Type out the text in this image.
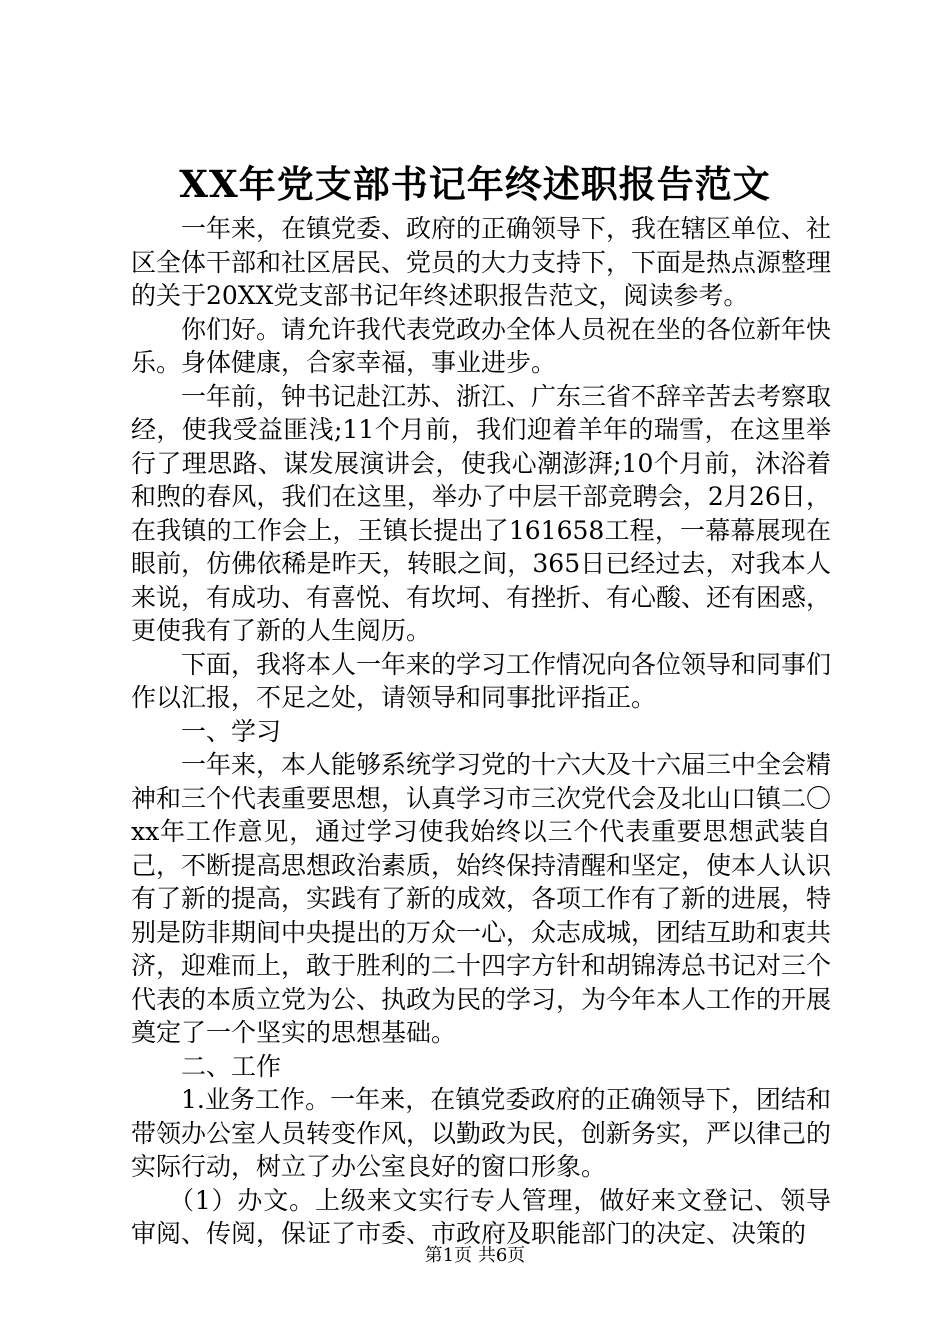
XX年党支部书记年终述职报告范文

一年来，在镇党委、政府的正确领导下，我在辖区单位、社区全体干部和社区居民、党员的大力支持下，下面是热点源整理的关于20XX党支部书记年终述职报告范文，阅读参考。

你们好。请允许我代表党政办全体人员祝在坐的各位新年快乐。身体健康，合家幸福，事业进步。

一年前，钟书记赴江苏、浙江、广东三省不辞辛苦去考察取经，使我受益匪浅;11个月前，我们迎着羊年的瑞雪，在这里举行了理思路、谋发展演讲会，使我心潮澎湃;10个月前，沐浴着和煦的春风，我们在这里，举办了中层干部竞聘会，2月26日，在我镇的工作会上，王镇长提出了161658工程，一幕幕展现在眼前，仿佛依稀是昨天，转眼之间，365日已经过去，对我本人来说，有成功、有喜悦、有坎坷、有挫折、有心酸、还有困惑，更使我有了新的人生阅历。

下面，我将本人一年来的学习工作情况向各位领导和同事们作以汇报，不足之处，请领导和同事批评指正。

一、学习

一年来，本人能够系统学习党的十六大及十六届三中全会精神和三个代表重要思想，认真学习市三次党代会及北山口镇二〇xx年工作意见，通过学习使我始终以三个代表重要思想武装自己，不断提高思想政治素质，始终保持清醒和坚定，使本人认识有了新的提高，实践有了新的成效，各项工作有了新的进展，特别是防非期间中央提出的万众一心，众志成城，团结互助和衷共济，迎难而上，敢于胜利的二十四字方针和胡锦涛总书记对三个代表的本质立党为公、执政为民的学习，为今年本人工作的开展奠定了一个坚实的思想基础。

二、工作

1.业务工作。一年来，在镇党委政府的正确领导下，团结和带领办公室人员转变作风，以勤政为民，创新务实，严以律己的实际行动，树立了办公室良好的窗口形象。

（1）办文。上级来文实行专人管理，做好来文登记、领导审阅、传阅，保证了市委、市政府及职能部门的决定、决策的

第1页 共6页
